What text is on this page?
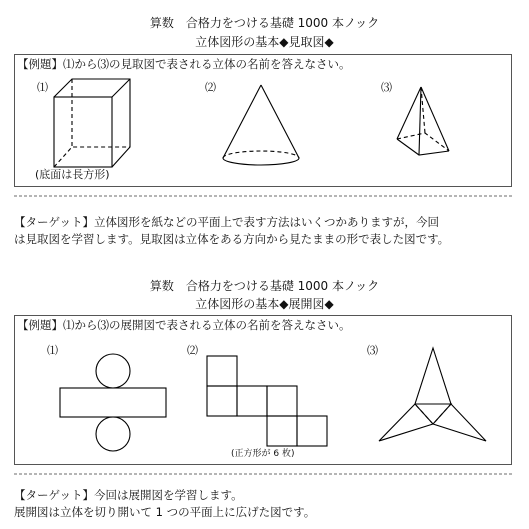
算数　合格力をつける基礎 1000 本ノック
立体図形の基本◆見取図◆
【例題】⑴から⑶の見取図で表される立体の名前を答えなさい。
⑴	⑵	⑶
(底面は長方形)
【ターゲット】立体図形を紙などの平面上で表す方法はいくつかありますが，今回
は見取図を学習します。見取図は立体をある方向から見たままの形で表した図です。
算数　合格力をつける基礎 1000 本ノック
立体図形の基本◆展開図◆
【例題】⑴から⑶の展開図で表される立体の名前を答えなさい。
⑴	⑵	⑶
(正方形が 6 枚)
【ターゲット】今回は展開図を学習します。
展開図は立体を切り開いて 1 つの平面上に広げた図です。
